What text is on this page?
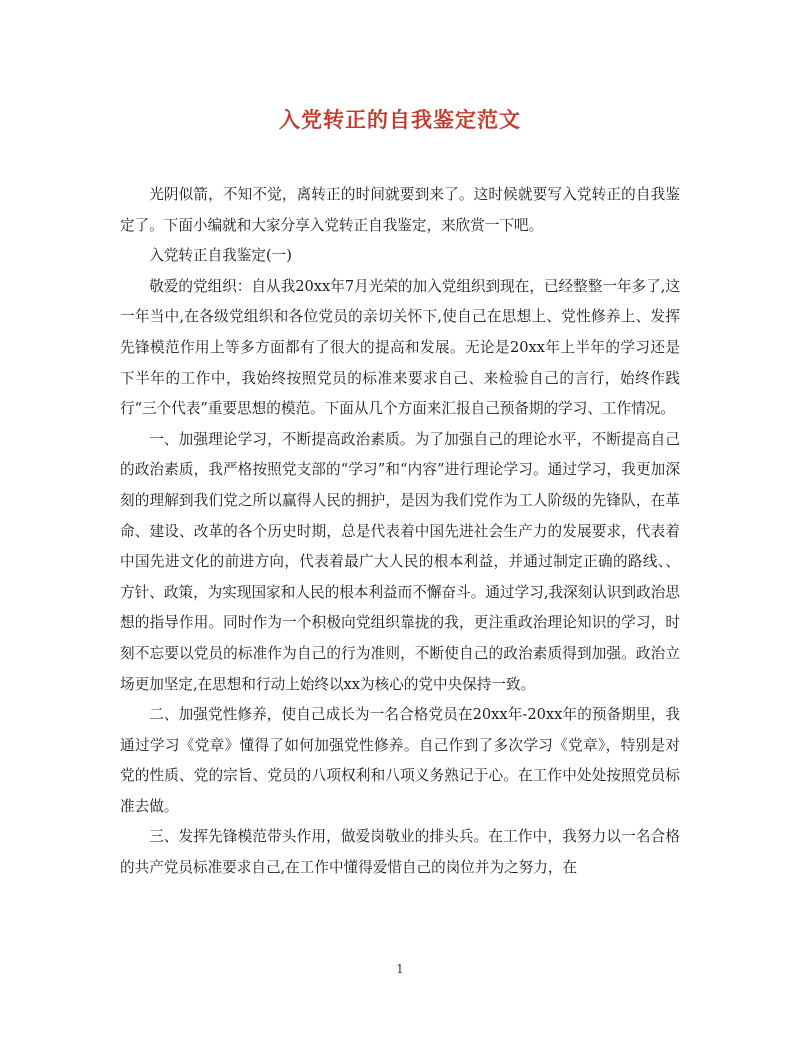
入党转正的自我鉴定范文

光阴似箭，不知不觉，离转正的时间就要到来了。这时候就要写入党转正的自我鉴定了。下面小编就和大家分享入党转正自我鉴定，来欣赏一下吧。

入党转正自我鉴定(一)

敬爱的党组织：自从我20xx年7月光荣的加入党组织到现在，已经整整一年多了,这一年当中,在各级党组织和各位党员的亲切关怀下,使自己在思想上、党性修养上、发挥先锋模范作用上等多方面都有了很大的提高和发展。无论是20xx年上半年的学习还是下半年的工作中，我始终按照党员的标准来要求自己、来检验自己的言行，始终作践行“三个代表”重要思想的模范。下面从几个方面来汇报自己预备期的学习、工作情况。

一、加强理论学习，不断提高政治素质。为了加强自己的理论水平，不断提高自己的政治素质，我严格按照党支部的“学习”和“内容”进行理论学习。通过学习，我更加深刻的理解到我们党之所以赢得人民的拥护，是因为我们党作为工人阶级的先锋队，在革命、建设、改革的各个历史时期，总是代表着中国先进社会生产力的发展要求，代表着中国先进文化的前进方向，代表着最广大人民的根本利益，并通过制定正确的路线、、方针、政策，为实现国家和人民的根本利益而不懈奋斗。通过学习,我深刻认识到政治思想的指导作用。同时作为一个积极向党组织靠拢的我，更注重政治理论知识的学习，时刻不忘要以党员的标准作为自己的行为准则，不断使自己的政治素质得到加强。政治立场更加坚定,在思想和行动上始终以xx为核心的党中央保持一致。

二、加强党性修养，使自己成长为一名合格党员在20xx年-20xx年的预备期里，我通过学习《党章》懂得了如何加强党性修养。自己作到了多次学习《党章》，特别是对党的性质、党的宗旨、党员的八项权利和八项义务熟记于心。在工作中处处按照党员标准去做。

三、发挥先锋模范带头作用，做爱岗敬业的排头兵。在工作中，我努力以一名合格的共产党员标准要求自己,在工作中懂得爱惜自己的岗位并为之努力，在

1
